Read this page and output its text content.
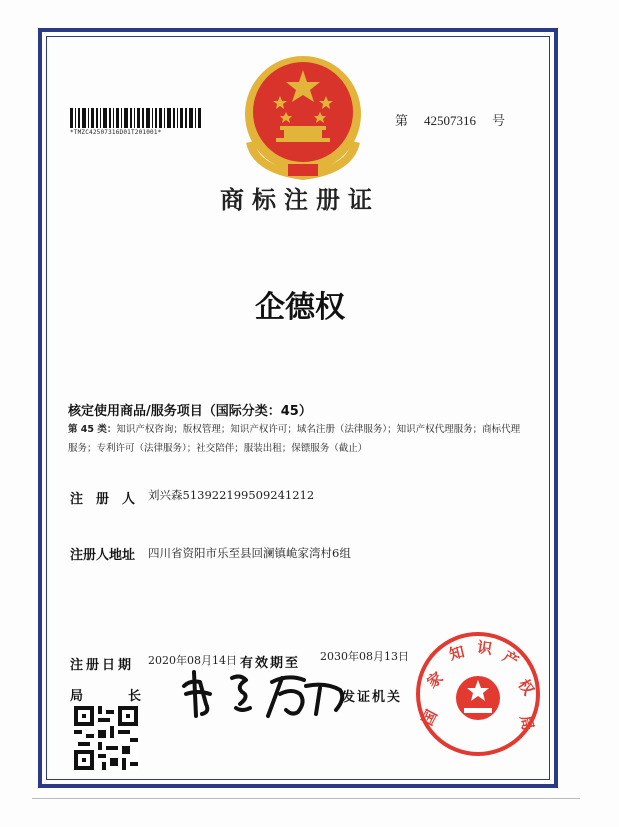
*TMZC42507316D01T201001*
第 42507316 号
商标注册证
企德权
核定使用商品/服务项目（国际分类：45）
第 45 类：知识产权咨询；版权管理；知识产权许可；域名注册（法律服务）；知识产权代理服务；商标代理服务；专利许可（法律服务）；社交陪伴；服装出租；保镖服务（截止）
注册人 刘兴森513922199509241212
注册人地址 四川省资阳市乐至县回澜镇峗家湾村6组
注册日期 2020年08月14日 有效期至 2030年08月13日
局长	发证机关
国
家
知 识 产
权
局
